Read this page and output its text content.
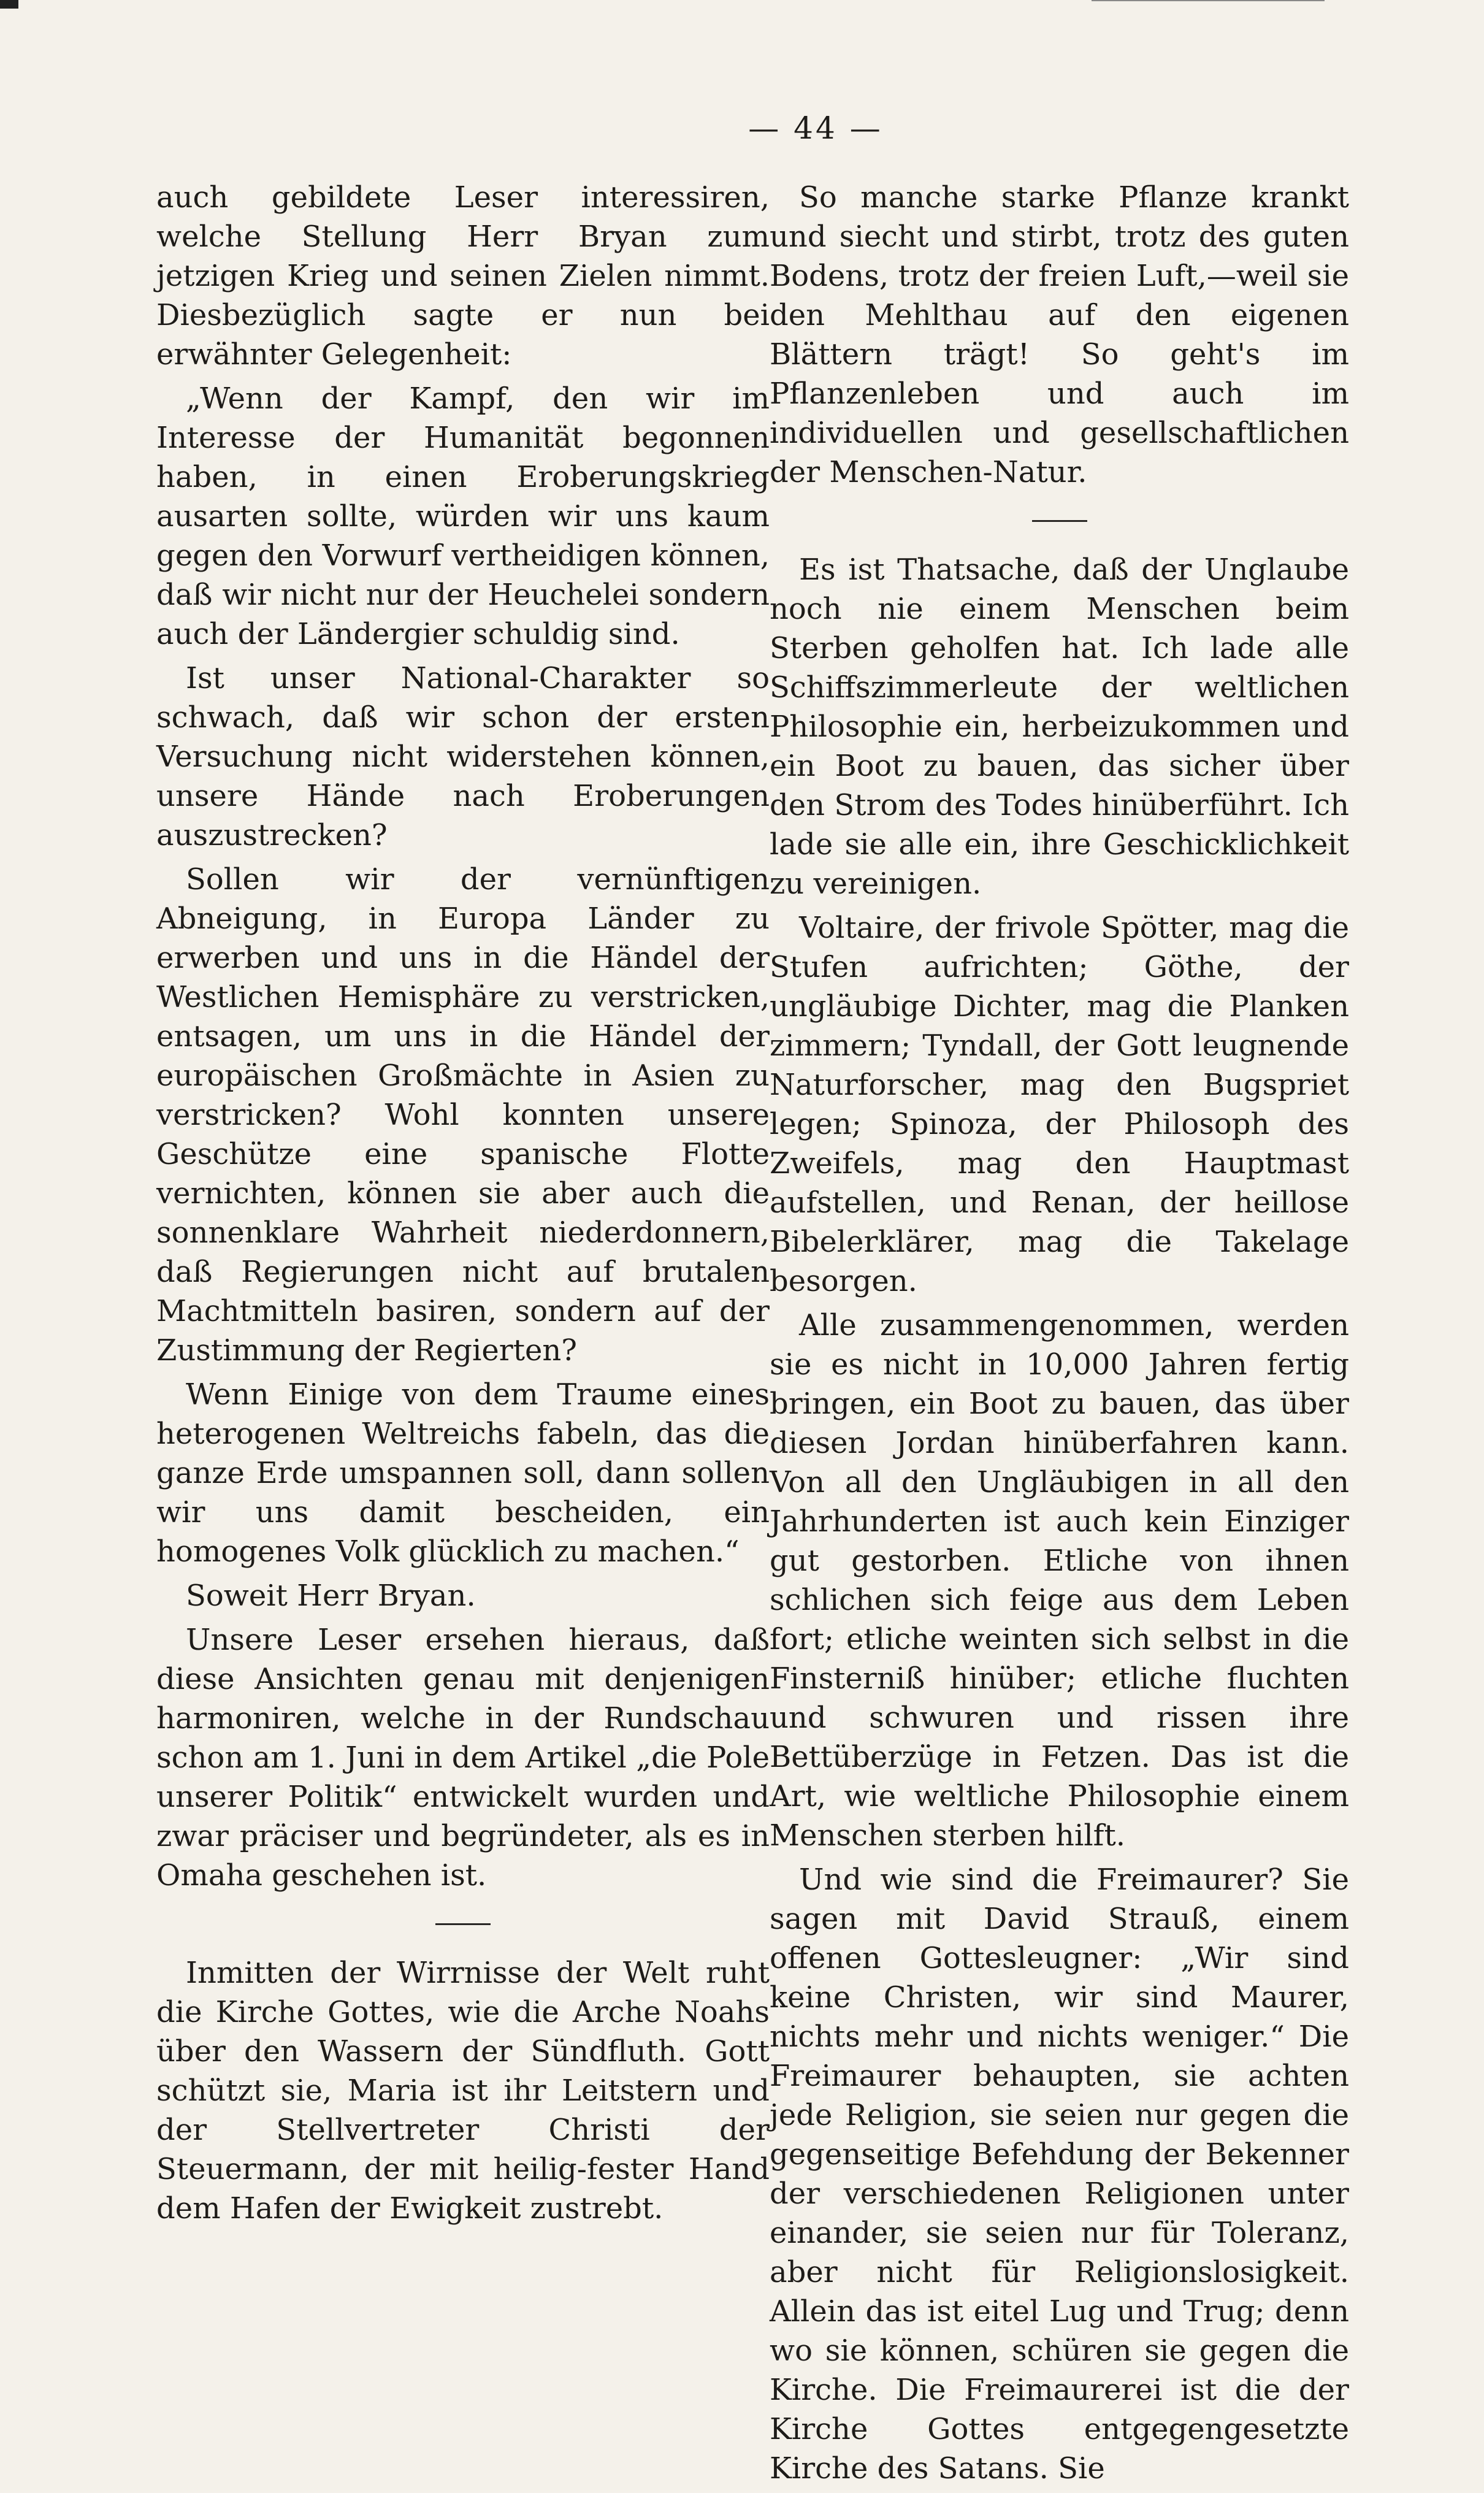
— 44 —

auch gebildete Leser interessiren, welche Stellung Herr Bryan zum jetzigen Krieg und seinen Zielen nimmt. Diesbezüglich sagte er nun bei erwähnter Gelegenheit:

„Wenn der Kampf, den wir im Interesse der Humanität begonnen haben, in einen Eroberungskrieg ausarten sollte, würden wir uns kaum gegen den Vorwurf vertheidigen können, daß wir nicht nur der Heuchelei sondern auch der Ländergier schuldig sind.

Ist unser National-Charakter so schwach, daß wir schon der ersten Versuchung nicht widerstehen können, unsere Hände nach Eroberungen auszustrecken?

Sollen wir der vernünftigen Abneigung, in Europa Länder zu erwerben und uns in die Händel der Westlichen Hemisphäre zu verstricken, entsagen, um uns in die Händel der europäischen Großmächte in Asien zu verstricken? Wohl konnten unsere Geschütze eine spanische Flotte vernichten, können sie aber auch die sonnenklare Wahrheit niederdonnern, daß Regierungen nicht auf brutalen Machtmitteln basiren, sondern auf der Zustimmung der Regierten?

Wenn Einige von dem Traume eines heterogenen Weltreichs fabeln, das die ganze Erde umspannen soll, dann sollen wir uns damit bescheiden, ein homogenes Volk glücklich zu machen.“

Soweit Herr Bryan.

Unsere Leser ersehen hieraus, daß diese Ansichten genau mit denjenigen harmoniren, welche in der Rundschau schon am 1. Juni in dem Artikel „die Pole unserer Politik“ entwickelt wurden und zwar präciser und begründeter, als es in Omaha geschehen ist.

Inmitten der Wirrnisse der Welt ruht die Kirche Gottes, wie die Arche Noahs über den Wassern der Sündfluth. Gott schützt sie, Maria ist ihr Leitstern und der Stellvertreter Christi der Steuermann, der mit heilig-fester Hand dem Hafen der Ewigkeit zustrebt.

So manche starke Pflanze krankt und siecht und stirbt, trotz des guten Bodens, trotz der freien Luft,—weil sie den Mehlthau auf den eigenen Blättern trägt! So geht's im Pflanzenleben und auch im individuellen und gesellschaftlichen der Menschen-Natur.

Es ist Thatsache, daß der Unglaube noch nie einem Menschen beim Sterben geholfen hat. Ich lade alle Schiffszimmerleute der weltlichen Philosophie ein, herbeizukommen und ein Boot zu bauen, das sicher über den Strom des Todes hinüberführt. Ich lade sie alle ein, ihre Geschicklichkeit zu vereinigen.

Voltaire, der frivole Spötter, mag die Stufen aufrichten; Göthe, der ungläubige Dichter, mag die Planken zimmern; Tyndall, der Gott leugnende Naturforscher, mag den Bugspriet legen; Spinoza, der Philosoph des Zweifels, mag den Hauptmast aufstellen, und Renan, der heillose Bibelerklärer, mag die Takelage besorgen.

Alle zusammengenommen, werden sie es nicht in 10,000 Jahren fertig bringen, ein Boot zu bauen, das über diesen Jordan hinüberfahren kann. Von all den Ungläubigen in all den Jahrhunderten ist auch kein Einziger gut gestorben. Etliche von ihnen schlichen sich feige aus dem Leben fort; etliche weinten sich selbst in die Finsterniß hinüber; etliche fluchten und schwuren und rissen ihre Bettüberzüge in Fetzen. Das ist die Art, wie weltliche Philosophie einem Menschen sterben hilft.

Und wie sind die Freimaurer? Sie sagen mit David Strauß, einem offenen Gottesleugner: „Wir sind keine Christen, wir sind Maurer, nichts mehr und nichts weniger.“ Die Freimaurer behaupten, sie achten jede Religion, sie seien nur gegen die gegenseitige Befehdung der Bekenner der verschiedenen Religionen unter einander, sie seien nur für Toleranz, aber nicht für Religionslosigkeit. Allein das ist eitel Lug und Trug; denn wo sie können, schüren sie gegen die Kirche. Die Freimaurerei ist die der Kirche Gottes entgegengesetzte Kirche des Satans. Sie
